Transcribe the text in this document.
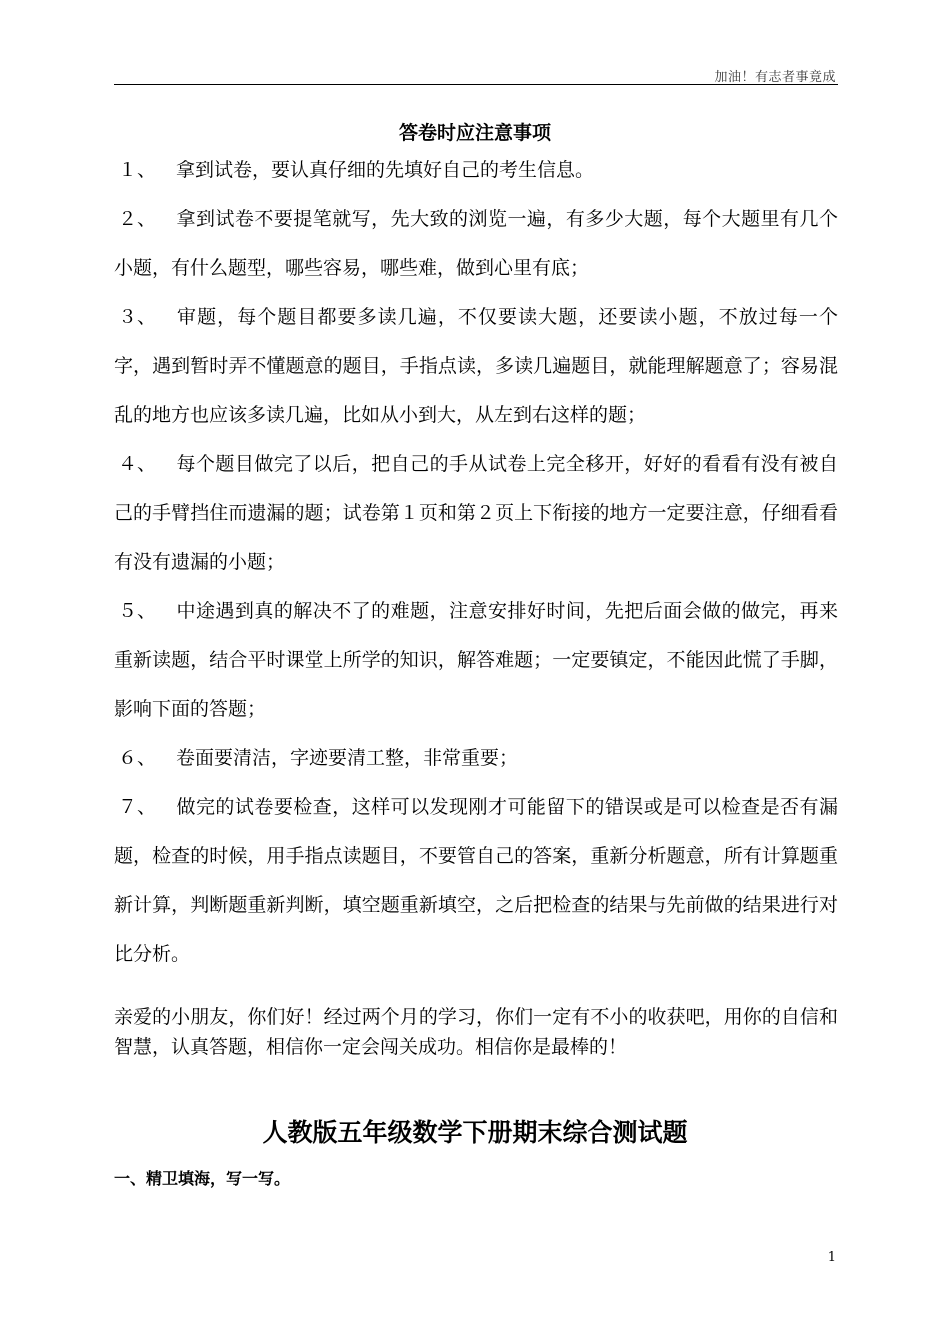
加油！有志者事竟成
答卷时应注意事项
１、 拿到试卷，要认真仔细的先填好自己的考生信息。
２、 拿到试卷不要提笔就写，先大致的浏览一遍，有多少大题，每个大题里有几个小题，有什么题型，哪些容易，哪些难，做到心里有底；
３、 审题，每个题目都要多读几遍，不仅要读大题，还要读小题，不放过每一个字，遇到暂时弄不懂题意的题目，手指点读，多读几遍题目，就能理解题意了；容易混乱的地方也应该多读几遍，比如从小到大，从左到右这样的题；
４、 每个题目做完了以后，把自己的手从试卷上完全移开，好好的看看有没有被自己的手臂挡住而遗漏的题；试卷第１页和第２页上下衔接的地方一定要注意，仔细看看有没有遗漏的小题；
５、 中途遇到真的解决不了的难题，注意安排好时间，先把后面会做的做完，再来重新读题，结合平时课堂上所学的知识，解答难题；一定要镇定，不能因此慌了手脚，影响下面的答题；
６、 卷面要清洁，字迹要清工整，非常重要；
７、 做完的试卷要检查，这样可以发现刚才可能留下的错误或是可以检查是否有漏题，检查的时候，用手指点读题目，不要管自己的答案，重新分析题意，所有计算题重新计算，判断题重新判断，填空题重新填空，之后把检查的结果与先前做的结果进行对比分析。
亲爱的小朋友，你们好！经过两个月的学习，你们一定有不小的收获吧，用你的自信和智慧，认真答题，相信你一定会闯关成功。相信你是最棒的！
人教版五年级数学下册期末综合测试题
一、精卫填海，写一写。
1
